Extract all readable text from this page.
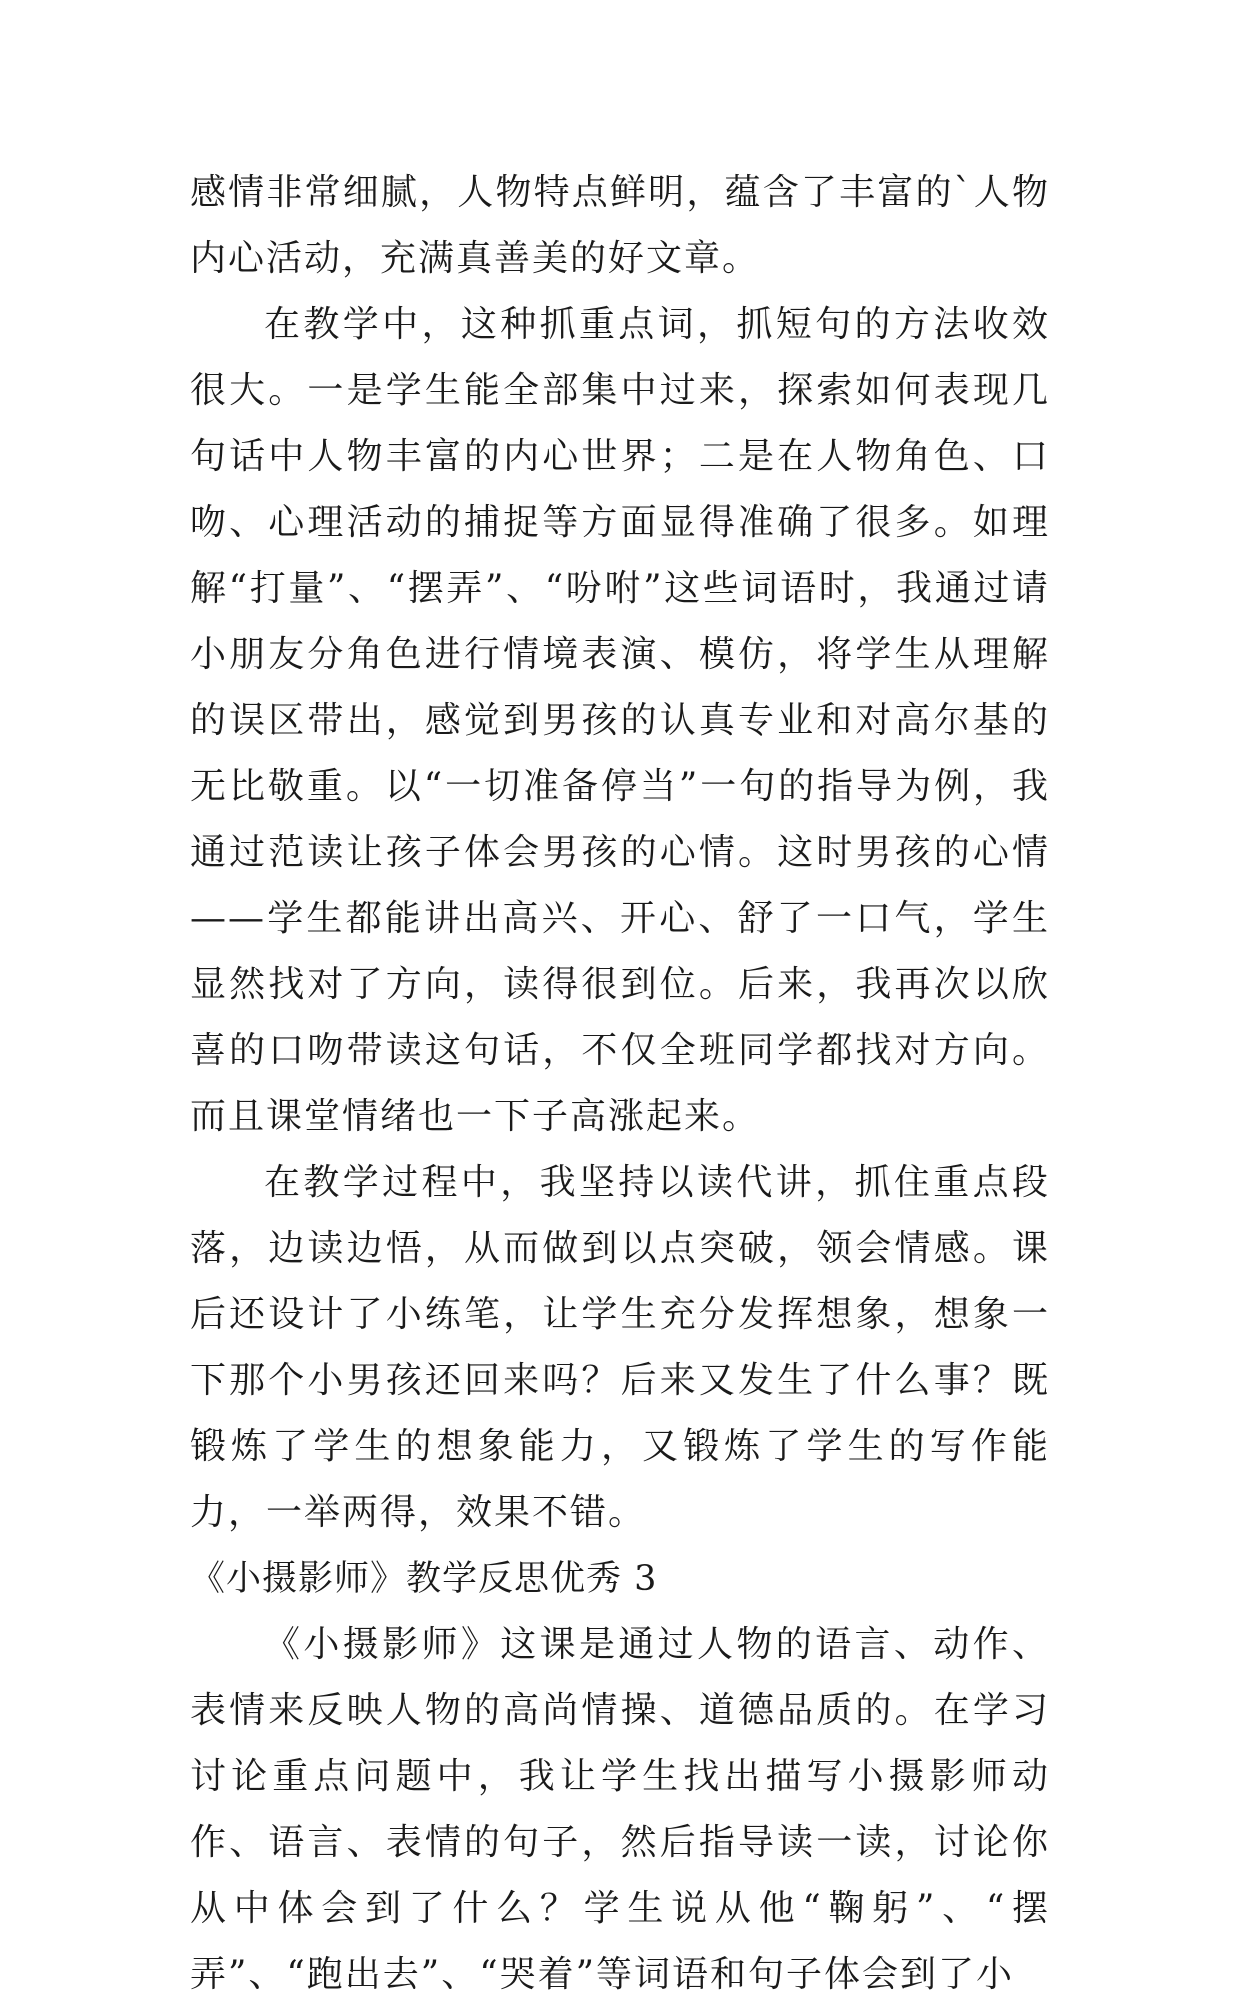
感情非常细腻，人物特点鲜明，蕴含了丰富的`人物内心活动，充满真善美的好文章。

在教学中，这种抓重点词，抓短句的方法收效很大。一是学生能全部集中过来，探索如何表现几句话中人物丰富的内心世界；二是在人物角色、口吻、心理活动的捕捉等方面显得准确了很多。如理解“打量”、“摆弄”、“吩咐”这些词语时，我通过请小朋友分角色进行情境表演、模仿，将学生从理解的误区带出，感觉到男孩的认真专业和对高尔基的无比敬重。以“一切准备停当”一句的指导为例，我通过范读让孩子体会男孩的心情。这时男孩的心情——学生都能讲出高兴、开心、舒了一口气，学生显然找对了方向，读得很到位。后来，我再次以欣喜的口吻带读这句话，不仅全班同学都找对方向。而且课堂情绪也一下子高涨起来。

在教学过程中，我坚持以读代讲，抓住重点段落，边读边悟，从而做到以点突破，领会情感。课后还设计了小练笔，让学生充分发挥想象，想象一下那个小男孩还回来吗？后来又发生了什么事？既锻炼了学生的想象能力，又锻炼了学生的写作能力，一举两得，效果不错。

《小摄影师》教学反思优秀 3

《小摄影师》这课是通过人物的语言、动作、表情来反映人物的高尚情操、道德品质的。在学习讨论重点问题中，我让学生找出描写小摄影师动作、语言、表情的句子，然后指导读一读，讨论你从中体会到了什么？学生说从他“鞠躬”、“摆弄”、“跑出去”、“哭着”等词语和句子体会到了小
